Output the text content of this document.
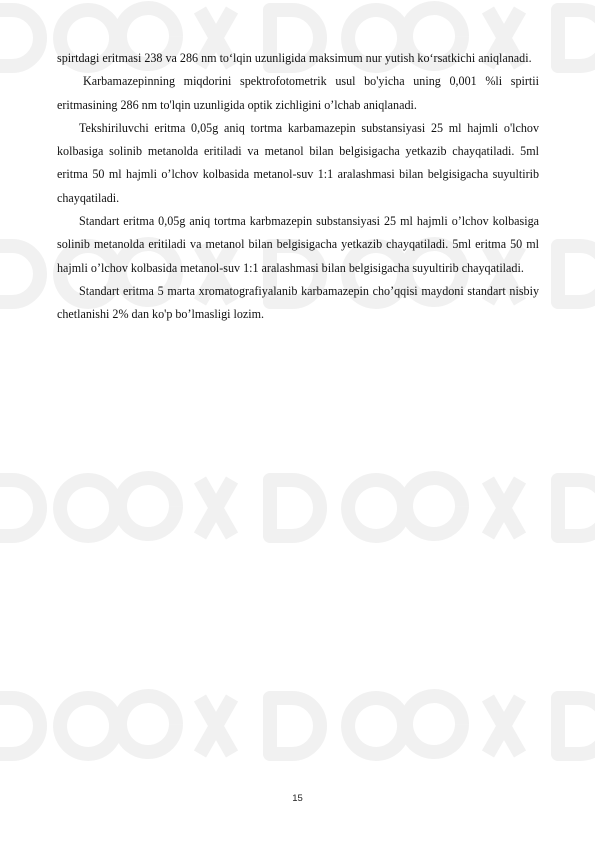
spirtdagi eritmasi 238 va 286 nm to‘lqin uzunligida maksimum nur yutish ko‘rsatkichi aniqlanadi.

Karbamazepinning miqdorini spektrofotometrik usul bo'yicha uning 0,001 %li spirtii eritmasining 286 nm to'lqin uzunligida optik zichligini o’lchab aniqlanadi.

Tekshiriluvchi eritma 0,05g aniq tortma karbamazepin substansiyasi 25 ml hajmli o'lchov kolbasiga solinib metanolda eritiladi va metanol bilan belgisigacha yetkazib chayqatiladi. 5ml eritma 50 ml hajmli o’lchov kolbasida metanol-suv 1:1 aralashmasi bilan belgisigacha suyultirib chayqatiladi.

Standart eritma 0,05g aniq tortma karbmazepin substansiyasi 25 ml hajmli o’lchov kolbasiga solinib metanolda eritiladi va metanol bilan belgisigacha yetkazib chayqatiladi. 5ml eritma 50 ml hajmli o’lchov kolbasida metanol-suv 1:1 aralashmasi bilan belgisigacha suyultirib chayqatiladi.

Standart eritma 5 marta xromatografiyalanib karbamazepin cho’qqisi maydoni standart nisbiy chetlanishi 2% dan ko'p bo’lmasligi lozim.

15
